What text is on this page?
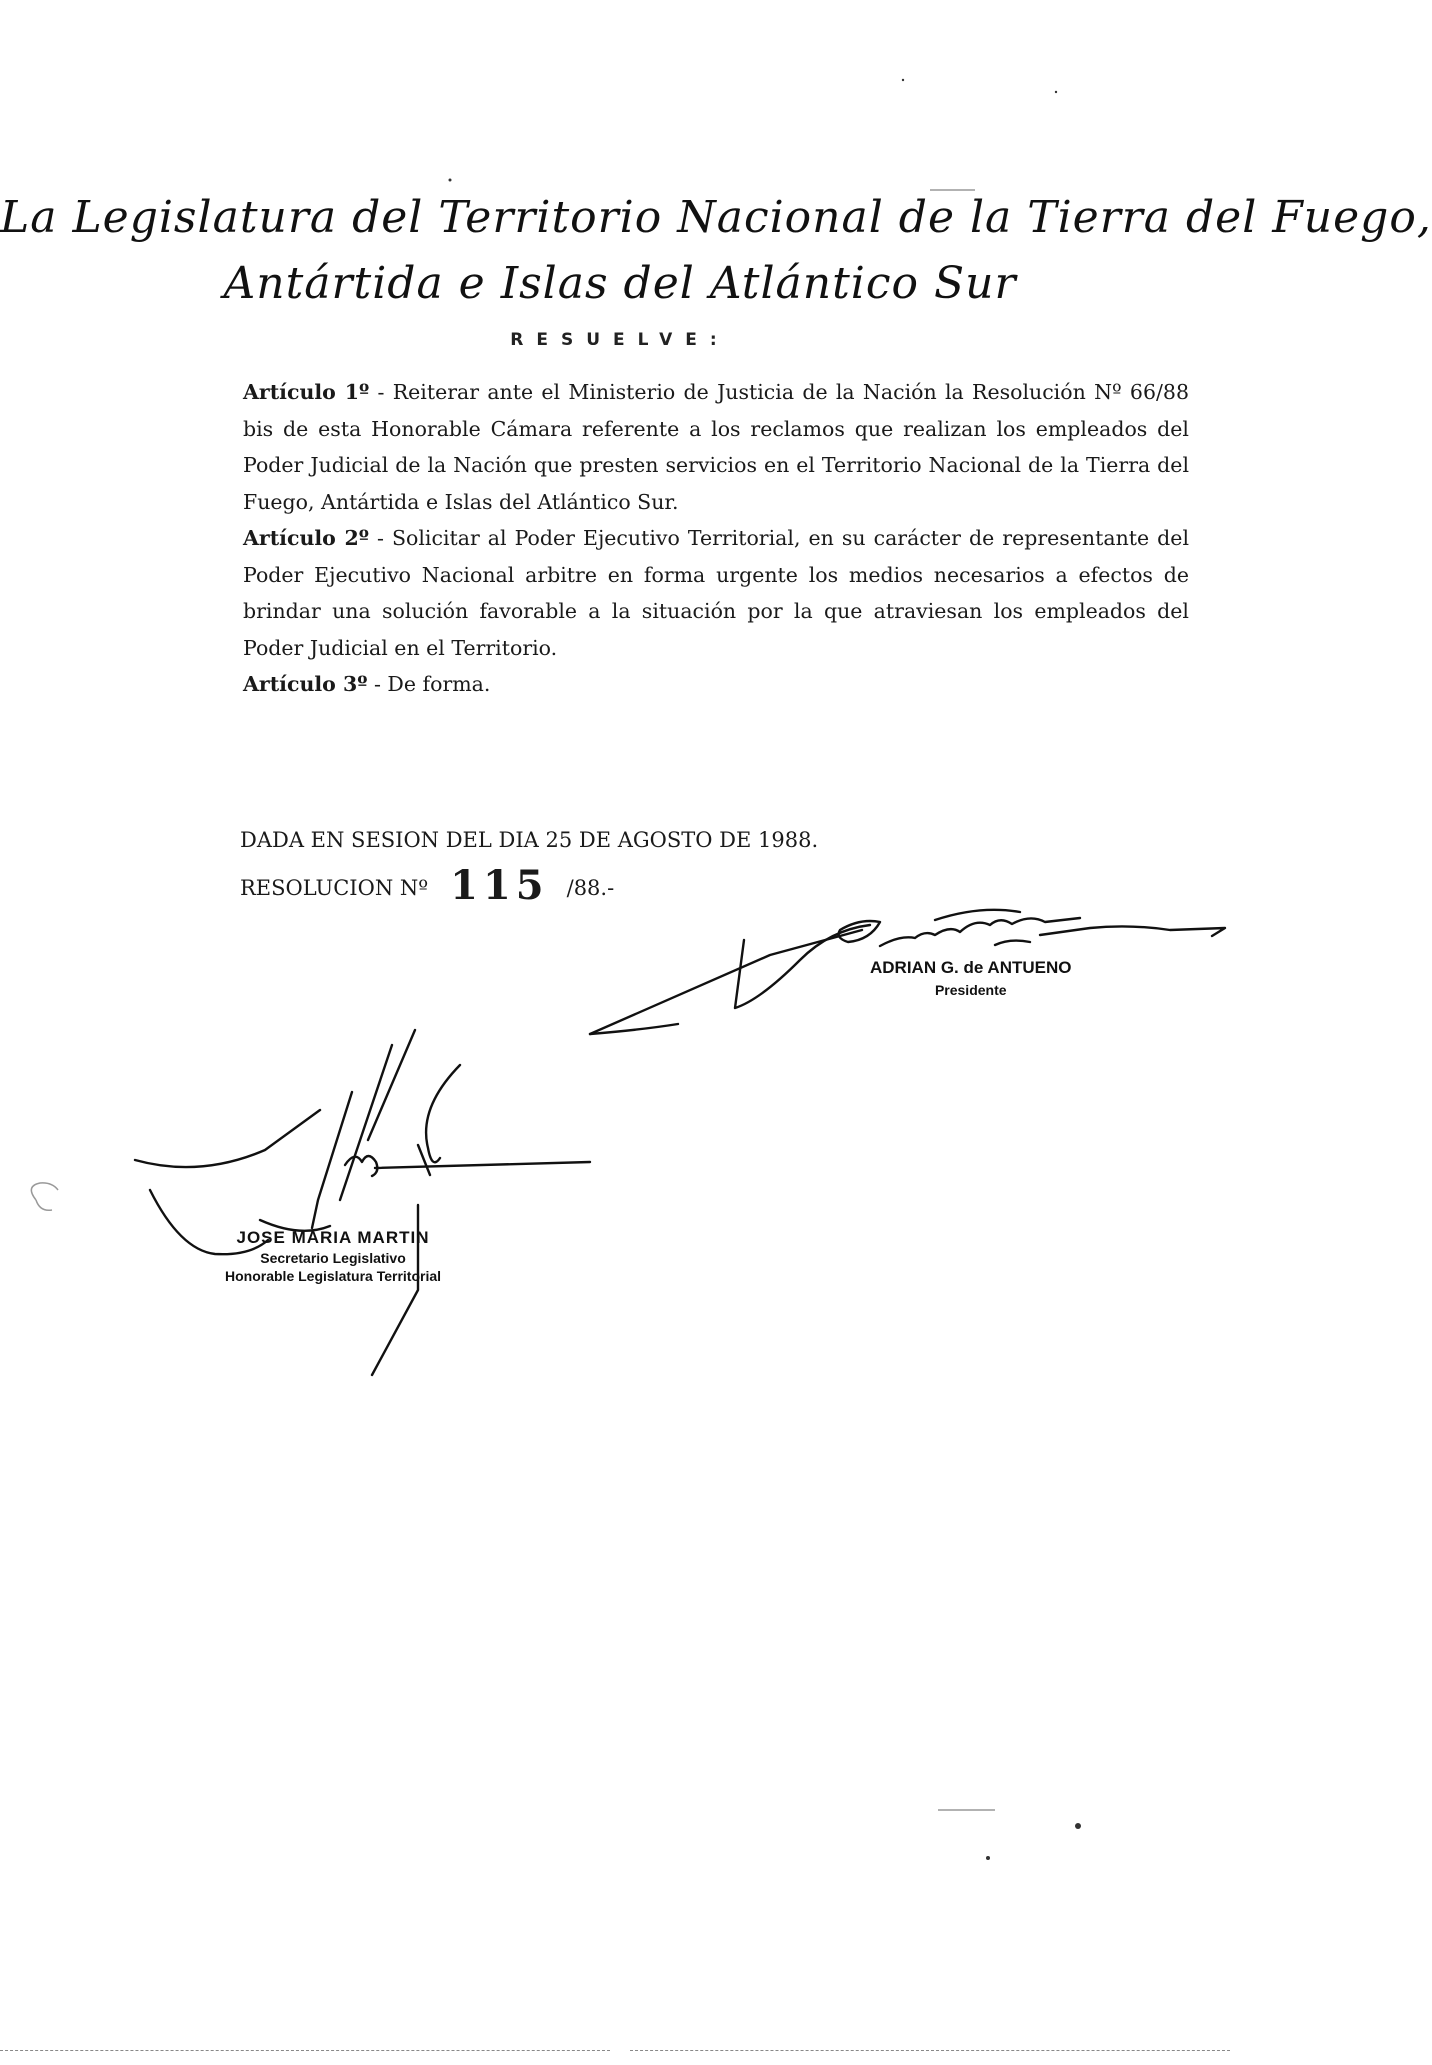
La Legislatura del Territorio Nacional de la Tierra del Fuego,
Antártida e Islas del Atlántico Sur
RESUELVE:

Artículo 1º - Reiterar ante el Ministerio de Justicia de la Nación la Resolución Nº 66/88 bis de esta Honorable Cámara referente a los reclamos que realizan los empleados del Poder Judicial de la Nación que presten servicios en el Territorio Nacional de la Tierra del Fuego, Antártida e Islas del Atlántico Sur.

Artículo 2º - Solicitar al Poder Ejecutivo Territorial, en su carácter de representante del Poder Ejecutivo Nacional arbitre en forma urgente los medios necesarios a efectos de brindar una solución favorable a la situación por la que atraviesan los empleados del Poder Judicial en el Territorio.

Artículo 3º - De forma.

DADA EN SESION DEL DIA 25 DE AGOSTO DE 1988.
RESOLUCION Nº 115 /88.-
ADRIAN G. de ANTUENO
Presidente
JOSE MARIA MARTIN
Secretario Legislativo
Honorable Legislatura Territorial
